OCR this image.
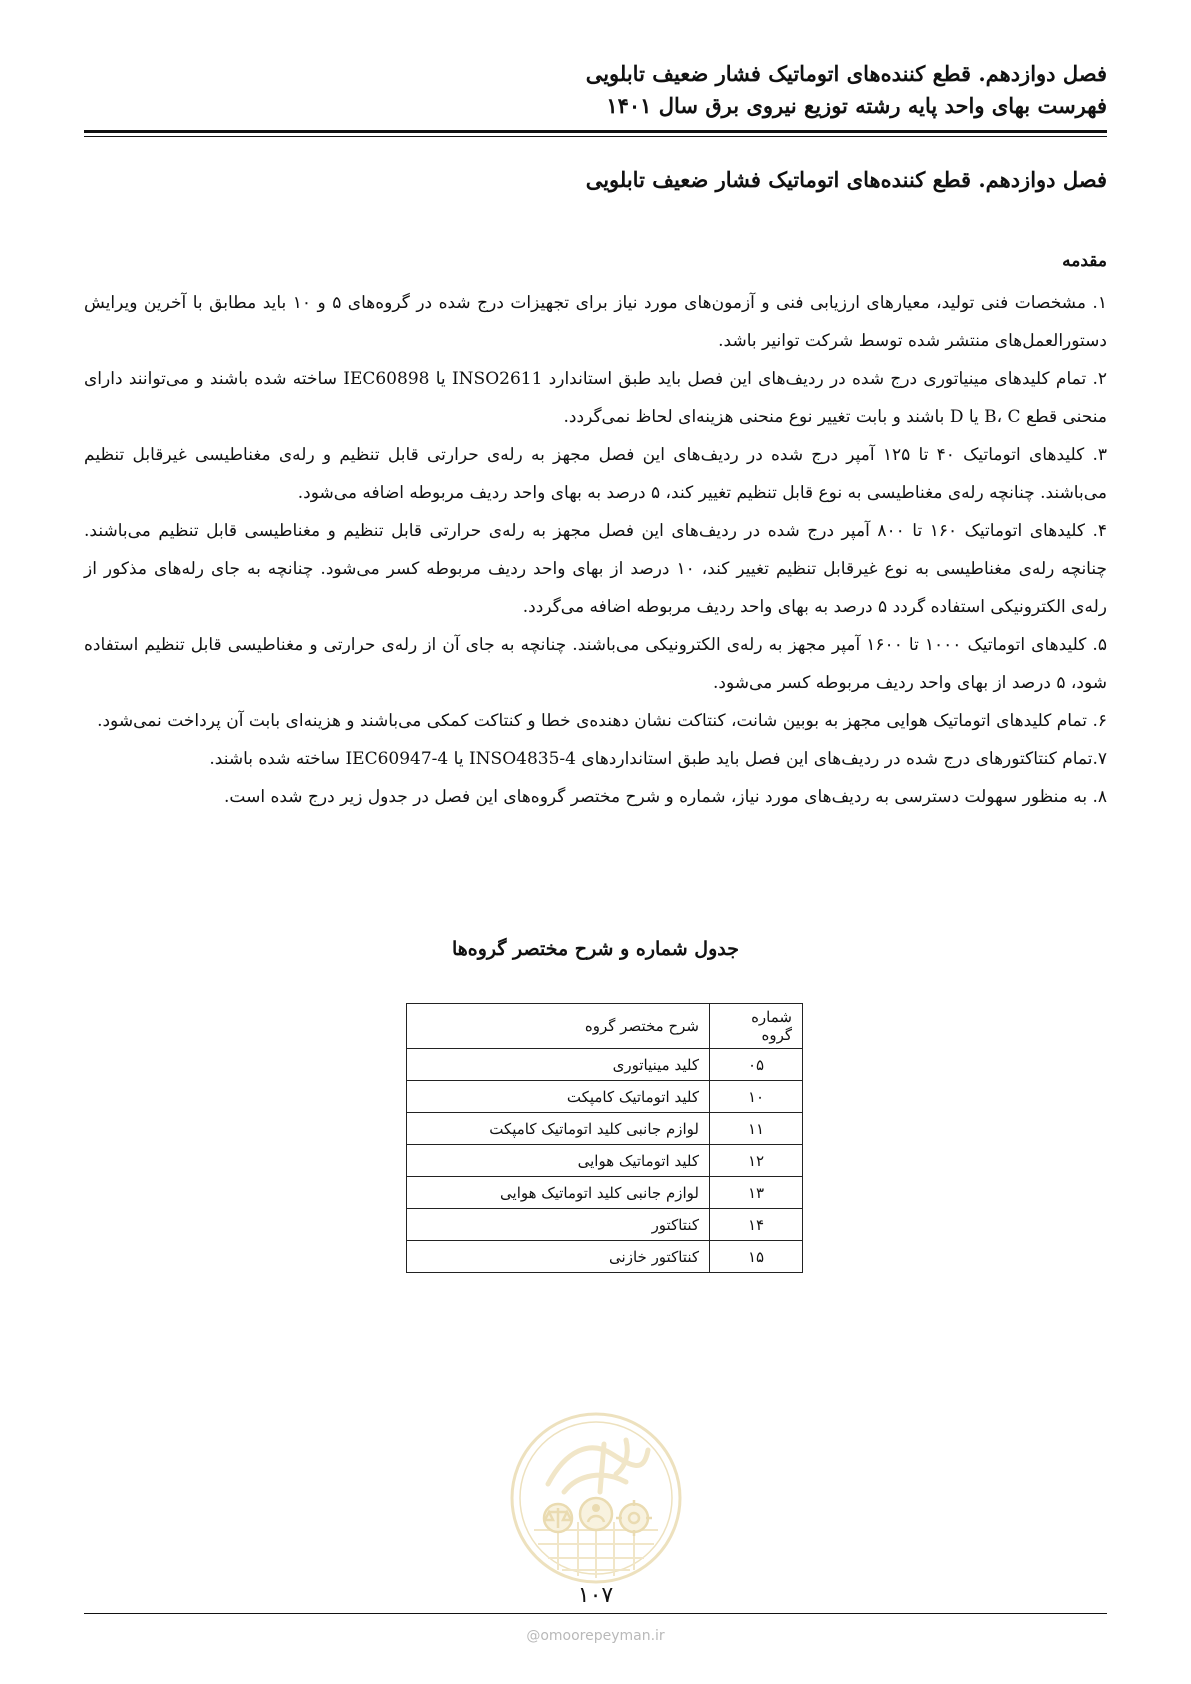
فصل دوازدهم. قطع کننده‌های اتوماتیک فشار ضعیف تابلویی
فهرست بهای واحد پایه رشته توزیع نیروی برق سال ۱۴۰۱
فصل دوازدهم. قطع کننده‌های اتوماتیک فشار ضعیف تابلویی
مقدمه

۱. مشخصات فنی تولید، معیارهای ارزیابی فنی و آزمون‌های مورد نیاز برای تجهیزات درج شده در گروه‌های ۵ و ۱۰ باید مطابق با آخرین ویرایش دستورالعمل‌های منتشر شده توسط شرکت توانیر باشد.

۲. تمام کلیدهای مینیاتوری درج شده در ردیف‌های این فصل باید طبق استاندارد INSO2611 یا IEC60898 ساخته شده باشند و می‌توانند دارای منحنی قطع B، C یا D باشند و بابت تغییر نوع منحنی هزینه‌ای لحاظ نمی‌گردد.

۳. کلیدهای اتوماتیک ۴۰ تا ۱۲۵ آمپر درج شده در ردیف‌های این فصل مجهز به رله‌ی حرارتی قابل تنظیم و رله‌ی مغناطیسی غیرقابل تنظیم می‌باشند. چنانچه رله‌ی مغناطیسی به نوع قابل تنظیم تغییر کند، ۵ درصد به بهای واحد ردیف مربوطه اضافه می‌شود.

۴. کلیدهای اتوماتیک ۱۶۰ تا ۸۰۰ آمپر درج شده در ردیف‌های این فصل مجهز به رله‌ی حرارتی قابل تنظیم و مغناطیسی قابل تنظیم می‌باشند. چنانچه رله‌ی مغناطیسی به نوع غیرقابل تنظیم تغییر کند، ۱۰ درصد از بهای واحد ردیف مربوطه کسر می‌شود. چنانچه به جای رله‌های مذکور از رله‌ی الکترونیکی استفاده گردد ۵ درصد به بهای واحد ردیف مربوطه اضافه می‌گردد.

۵. کلیدهای اتوماتیک ۱۰۰۰ تا ۱۶۰۰ آمپر مجهز به رله‌ی الکترونیکی می‌باشند. چنانچه به جای آن از رله‌ی حرارتی و مغناطیسی قابل تنظیم استفاده شود، ۵ درصد از بهای واحد ردیف مربوطه کسر می‌شود.

۶. تمام کلیدهای اتوماتیک هوایی مجهز به بوبین شانت، کنتاکت نشان دهنده‌ی خطا و کنتاکت کمکی می‌باشند و هزینه‌ای بابت آن پرداخت نمی‌شود.

۷.تمام کنتاکتورهای درج شده در ردیف‌های این فصل باید طبق استانداردهای INSO4835-4 یا IEC60947-4 ساخته شده باشند.

۸. به منظور سهولت دسترسی به ردیف‌های مورد نیاز، شماره و شرح مختصر گروه‌های این فصل در جدول زیر درج شده است.

جدول شماره و شرح مختصر گروه‌ها
شماره گروه	شرح مختصر گروه
۰۵	کلید مینیاتوری
۱۰	کلید اتوماتیک کامپکت
۱۱	لوازم جانبی کلید اتوماتیک کامپکت
۱۲	کلید اتوماتیک هوایی
۱۳	لوازم جانبی کلید اتوماتیک هوایی
۱۴	کنتاکتور
۱۵	کنتاکتور خازنی
۱۰۷
@omoorepeyman.ir
